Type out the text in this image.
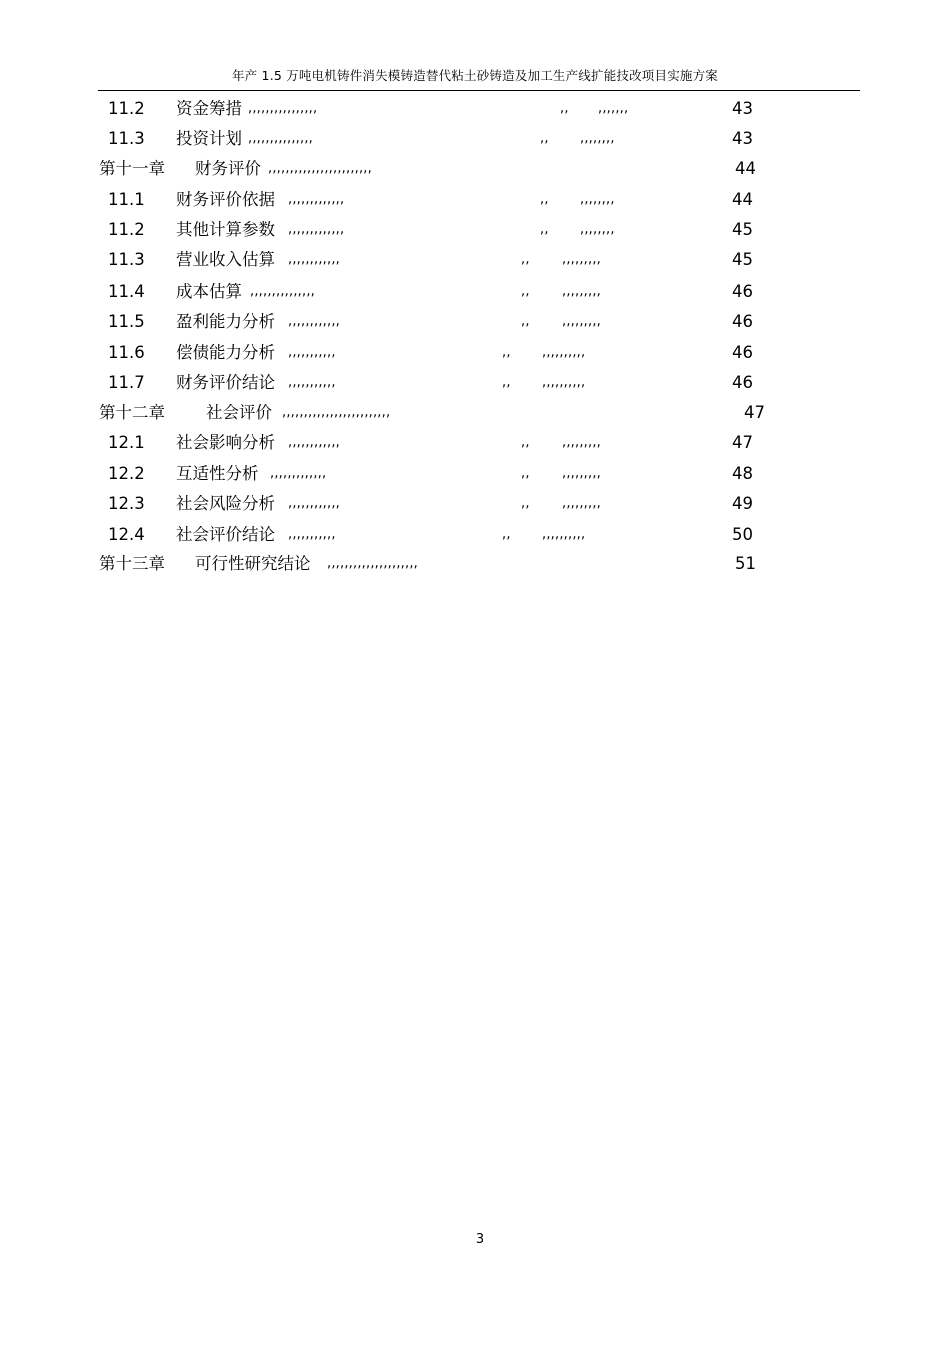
年产 1.5 万吨电机铸件消失模铸造替代粘土砂铸造及加工生产线扩能技改项目实施方案
11.2 资金筹措 ,,,,,,,,,,,,,,,,	,, ,,,,,,,	43
11.3 投资计划 ,,,,,,,,,,,,,,,	,, ,,,,,,,,	43
第十一章 财务评价 ,,,,,,,,,,,,,,,,,,,,,,,,	44
11.1 财务评价依据 ,,,,,,,,,,,,,	,, ,,,,,,,,	44
11.2 其他计算参数 ,,,,,,,,,,,,,	,, ,,,,,,,,	45
11.3 营业收入估算 ,,,,,,,,,,,,	,, ,,,,,,,,,	45
11.4 成本估算 ,,,,,,,,,,,,,,,	,, ,,,,,,,,,	46
11.5 盈利能力分析 ,,,,,,,,,,,,	,, ,,,,,,,,,	46
11.6 偿债能力分析 ,,,,,,,,,,,	,, ,,,,,,,,,,	46
11.7 财务评价结论 ,,,,,,,,,,,	,, ,,,,,,,,,,	46
第十二章 社会评价 ,,,,,,,,,,,,,,,,,,,,,,,,,	47
12.1 社会影响分析 ,,,,,,,,,,,,	,, ,,,,,,,,,	47
12.2 互适性分析 ,,,,,,,,,,,,,	,, ,,,,,,,,,	48
12.3 社会风险分析 ,,,,,,,,,,,,	,, ,,,,,,,,,	49
12.4 社会评价结论 ,,,,,,,,,,,	,, ,,,,,,,,,,	50
第十三章 可行性研究结论 ,,,,,,,,,,,,,,,,,,,,,	51
3
